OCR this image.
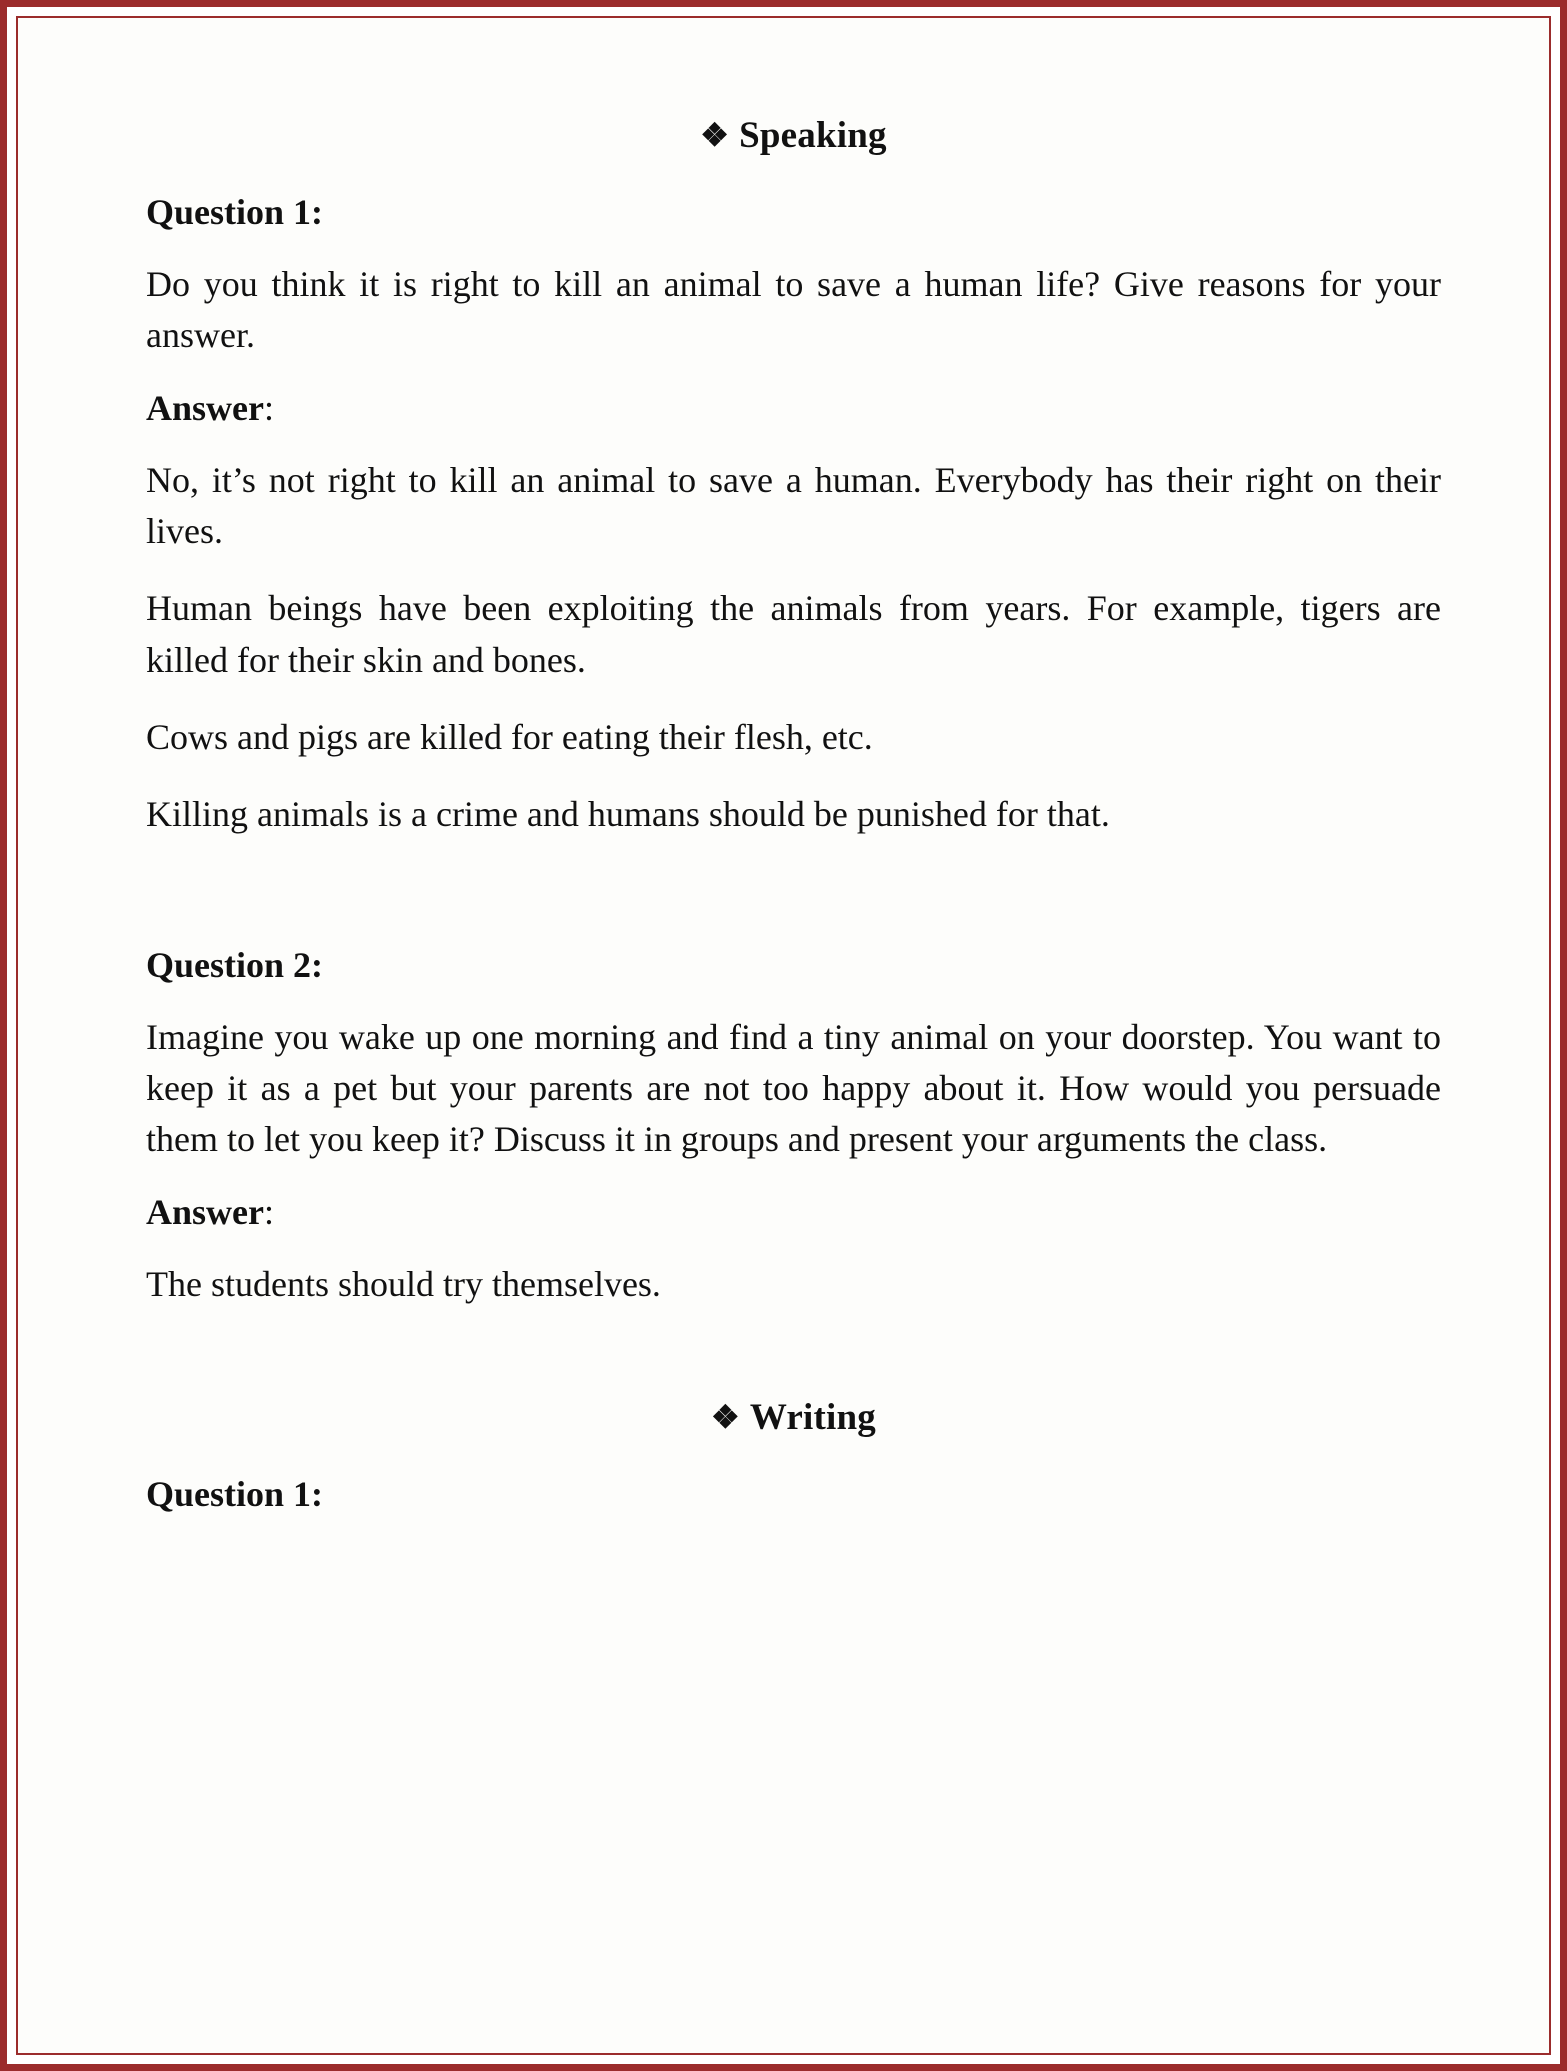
❖ Speaking
Question 1:

Do you think it is right to kill an animal to save a human life? Give reasons for your answer.

Answer:

No, it’s not right to kill an animal to save a human. Everybody has their right on their lives.

Human beings have been exploiting the animals from years. For example, tigers are killed for their skin and bones.

Cows and pigs are killed for eating their flesh, etc.

Killing animals is a crime and humans should be punished for that.

Question 2:

Imagine you wake up one morning and find a tiny animal on your doorstep. You want to keep it as a pet but your parents are not too happy about it. How would you persuade them to let you keep it? Discuss it in groups and present your arguments the class.

Answer:

The students should try themselves.

❖ Writing
Question 1:
